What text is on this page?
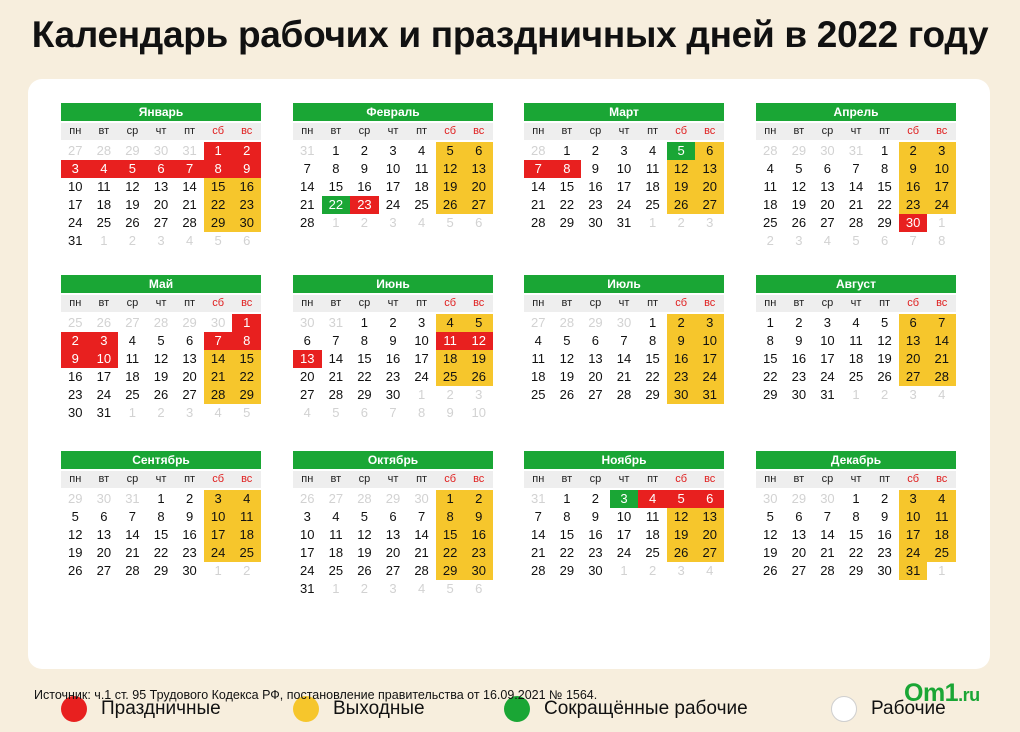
Календарь рабочих и праздничных дней в 2022 году
Январь
пн	вт	ср	чт	пт	сб	вс
27	28	29	30	31	1	2
3	4	5	6	7	8	9
10	11	12	13	14	15	16
17	18	19	20	21	22	23
24	25	26	27	28	29	30
31	1	2	3	4	5	6
Февраль
пн	вт	ср	чт	пт	сб	вс
31	1	2	3	4	5	6
7	8	9	10	11	12	13
14	15	16	17	18	19	20
21	22	23	24	25	26	27
28	1	2	3	4	5	6
Март
пн	вт	ср	чт	пт	сб	вс
28	1	2	3	4	5	6
7	8	9	10	11	12	13
14	15	16	17	18	19	20
21	22	23	24	25	26	27
28	29	30	31	1	2	3
Апрель
пн	вт	ср	чт	пт	сб	вс
28	29	30	31	1	2	3
4	5	6	7	8	9	10
11	12	13	14	15	16	17
18	19	20	21	22	23	24
25	26	27	28	29	30	1
2	3	4	5	6	7	8
Май
пн	вт	ср	чт	пт	сб	вс
25	26	27	28	29	30	1
2	3	4	5	6	7	8
9	10	11	12	13	14	15
16	17	18	19	20	21	22
23	24	25	26	27	28	29
30	31	1	2	3	4	5
Июнь
пн	вт	ср	чт	пт	сб	вс
30	31	1	2	3	4	5
6	7	8	9	10	11	12
13	14	15	16	17	18	19
20	21	22	23	24	25	26
27	28	29	30	1	2	3
4	5	6	7	8	9	10
Июль
пн	вт	ср	чт	пт	сб	вс
27	28	29	30	1	2	3
4	5	6	7	8	9	10
11	12	13	14	15	16	17
18	19	20	21	22	23	24
25	26	27	28	29	30	31
Август
пн	вт	ср	чт	пт	сб	вс
1	2	3	4	5	6	7
8	9	10	11	12	13	14
15	16	17	18	19	20	21
22	23	24	25	26	27	28
29	30	31	1	2	3	4
Сентябрь
пн	вт	ср	чт	пт	сб	вс
29	30	31	1	2	3	4
5	6	7	8	9	10	11
12	13	14	15	16	17	18
19	20	21	22	23	24	25
26	27	28	29	30	1	2
Октябрь
пн	вт	ср	чт	пт	сб	вс
26	27	28	29	30	1	2
3	4	5	6	7	8	9
10	11	12	13	14	15	16
17	18	19	20	21	22	23
24	25	26	27	28	29	30
31	1	2	3	4	5	6
Ноябрь
пн	вт	ср	чт	пт	сб	вс
31	1	2	3	4	5	6
7	8	9	10	11	12	13
14	15	16	17	18	19	20
21	22	23	24	25	26	27
28	29	30	1	2	3	4
Декабрь
пн	вт	ср	чт	пт	сб	вс
30	29	30	1	2	3	4
5	6	7	8	9	10	11
12	13	14	15	16	17	18
19	20	21	22	23	24	25
26	27	28	29	30	31	1
Праздничные	Выходные	Сокращённые рабочие	Рабочие
Источник: ч.1 ст. 95 Трудового Кодекса РФ, постановление правительства от 16.09.2021 № 1564.	Om1.ru
